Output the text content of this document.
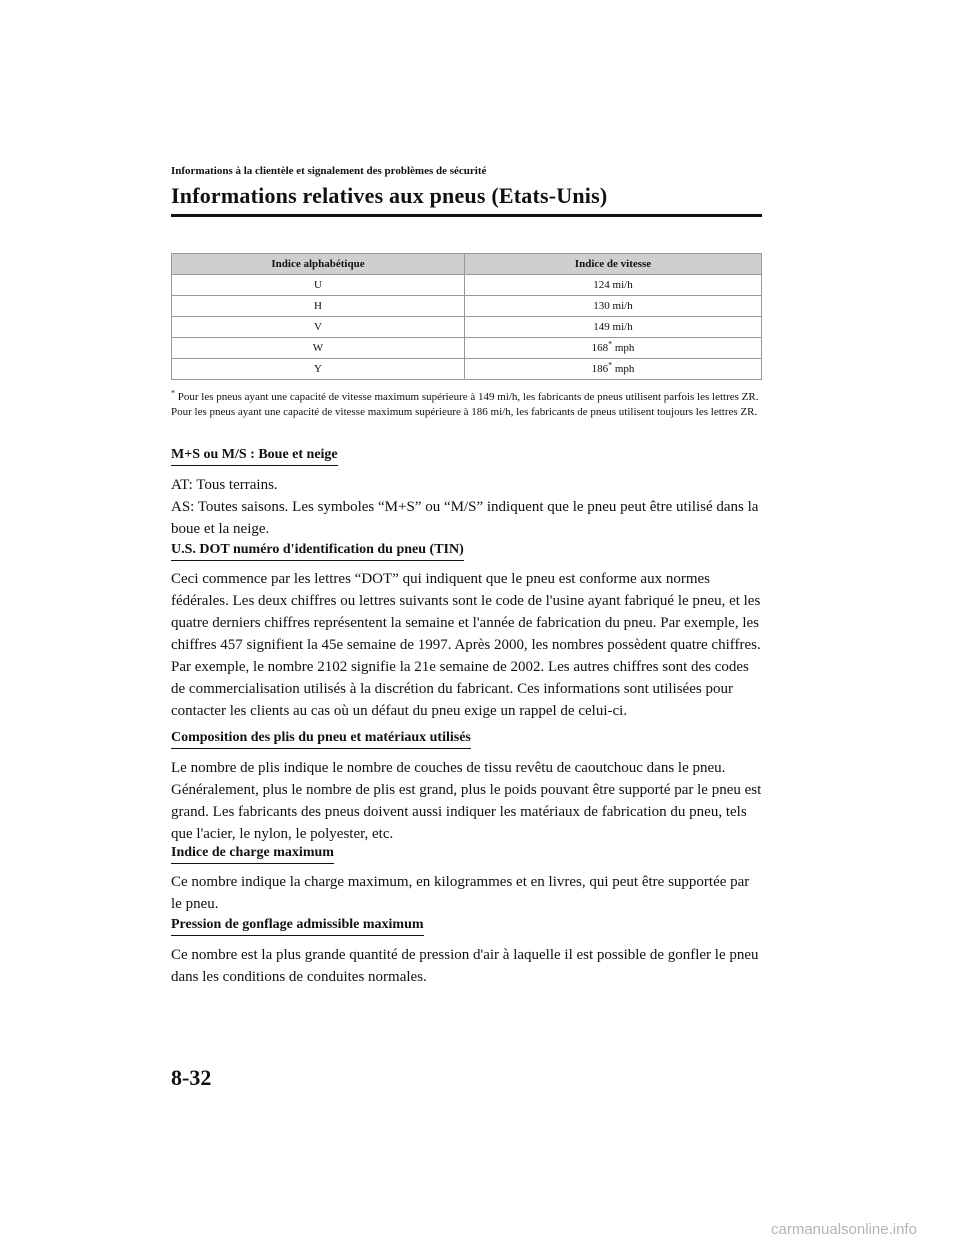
Informations à la clientèle et signalement des problèmes de sécurité
Informations relatives aux pneus (Etats-Unis)
Indice alphabétique	Indice de vitesse
U	124 mi/h
H	130 mi/h
V	149 mi/h
W	168* mph
Y	186* mph
* Pour les pneus ayant une capacité de vitesse maximum supérieure à 149 mi/h, les fabricants de pneus utilisent parfois les lettres ZR. Pour les pneus ayant une capacité de vitesse maximum supérieure à 186 mi/h, les fabricants de pneus utilisent toujours les lettres ZR.
M+S ou M/S : Boue et neige

AT: Tous terrains.

AS: Toutes saisons. Les symboles “M+S” ou “M/S” indiquent que le pneu peut être utilisé dans la boue et la neige.

U.S. DOT numéro d'identification du pneu (TIN)

Ceci commence par les lettres “DOT” qui indiquent que le pneu est conforme aux normes fédérales. Les deux chiffres ou lettres suivants sont le code de l'usine ayant fabriqué le pneu, et les quatre derniers chiffres représentent la semaine et l'année de fabrication du pneu. Par exemple, les chiffres 457 signifient la 45e semaine de 1997. Après 2000, les nombres possèdent quatre chiffres. Par exemple, le nombre 2102 signifie la 21e semaine de 2002. Les autres chiffres sont des codes de commercialisation utilisés à la discrétion du fabricant. Ces informations sont utilisées pour contacter les clients au cas où un défaut du pneu exige un rappel de celui-ci.

Composition des plis du pneu et matériaux utilisés

Le nombre de plis indique le nombre de couches de tissu revêtu de caoutchouc dans le pneu. Généralement, plus le nombre de plis est grand, plus le poids pouvant être supporté par le pneu est grand. Les fabricants des pneus doivent aussi indiquer les matériaux de fabrication du pneu, tels que l'acier, le nylon, le polyester, etc.

Indice de charge maximum

Ce nombre indique la charge maximum, en kilogrammes et en livres, qui peut être supportée par le pneu.

Pression de gonflage admissible maximum

Ce nombre est la plus grande quantité de pression d'air à laquelle il est possible de gonfler le pneu dans les conditions de conduites normales.

8-32
carmanualsonline.info
